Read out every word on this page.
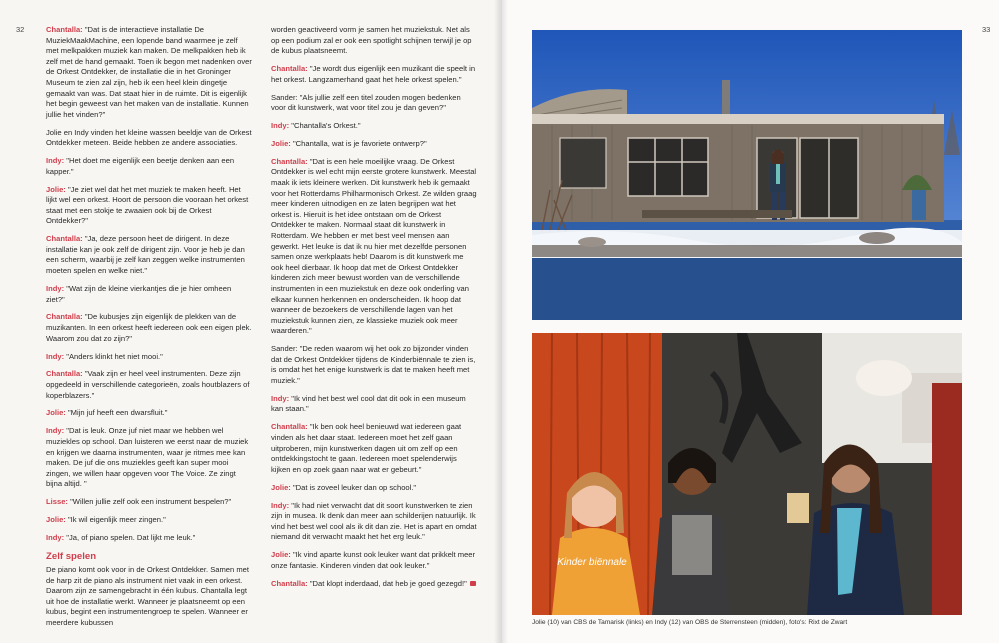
32	Chantalla: "Dat is de interactieve installatie De MuziekMaakMachine, een lopende band waarmee je zelf met melkpakken muziek kan maken. De melkpakken heb ik zelf met de hand gemaakt. Toen ik begon met nadenken over de Orkest Ontdekker, de installatie die in het Groninger Museum te zien zal zijn, heb ik een heel klein dingetje gemaakt van was. Dat staat hier in de ruimte. Dit is eigenlijk het begin geweest van het maken van de installatie. Kunnen jullie het vinden?"

Jolie en Indy vinden het kleine wassen beeldje van de Orkest Ontdekker meteen. Beide hebben ze andere associaties.

Indy: "Het doet me eigenlijk een beetje denken aan een kapper."

Jolie: "Je ziet wel dat het met muziek te maken heeft. Het lijkt wel een orkest. Hoort de persoon die vooraan het orkest staat met een stokje te zwaaien ook bij de Orkest Ontdekker?"

Chantalla: "Ja, deze persoon heet de dirigent. In deze installatie kan je ook zelf de dirigent zijn. Voor je heb je dan een scherm, waarbij je zelf kan zeggen welke instrumenten moeten spelen en welke niet."

Indy: "Wat zijn de kleine vierkantjes die je hier omheen ziet?"

Chantalla: "De kubusjes zijn eigenlijk de plekken van de muzikanten. In een orkest heeft iedereen ook een eigen plek. Waarom zou dat zo zijn?"

Indy: "Anders klinkt het niet mooi."

Chantalla: "Vaak zijn er heel veel instrumenten. Deze zijn opgedeeld in verschillende categorieën, zoals houtblazers of koperblazers."

Jolie: "Mijn juf heeft een dwarsfluit."

Indy: "Dat is leuk. Onze juf niet maar we hebben wel muziekles op school. Dan luisteren we eerst naar de muziek en krijgen we daarna instrumenten, waar je ritmes mee kan maken. De juf die ons muziekles geeft kan super mooi zingen, we willen haar opgeven voor The Voice. Ze zingt bijna altijd. "

Lisse: "Willen jullie zelf ook een instrument bespelen?"

Jolie: "Ik wil eigenlijk meer zingen."

Indy: "Ja, of piano spelen. Dat lijkt me leuk."

Zelf spelen

De piano komt ook voor in de Orkest Ontdekker. Samen met de harp zit de piano als instrument niet vaak in een orkest. Daarom zijn ze samengebracht in één kubus. Chantalla legt uit hoe de installatie werkt. Wanneer je plaatsneemt op een kubus, begint een instrumentengroep te spelen. Wanneer er meerdere kubussen

worden geactiveerd vorm je samen het muziekstuk. Net als op een podium zal er ook een spotlight schijnen terwijl je op de kubus plaatsneemt.

Chantalla: "Je wordt dus eigenlijk een muzikant die speelt in het orkest. Langzamerhand gaat het hele orkest spelen."

Sander: "Als jullie zelf een titel zouden mogen bedenken voor dit kunstwerk, wat voor titel zou je dan geven?"

Indy: "Chantalla's Orkest."

Jolie: "Chantalla, wat is je favoriete ontwerp?"

Chantalla: "Dat is een hele moeilijke vraag. De Orkest Ontdekker is wel echt mijn eerste grotere kunstwerk. Meestal maak ik iets kleinere werken. Dit kunstwerk heb ik gemaakt voor het Rotterdams Philharmonisch Orkest. Ze wilden graag meer kinderen uitnodigen en ze laten begrijpen wat het orkest is. Hieruit is het idee ontstaan om de Orkest Ontdekker te maken. Normaal staat dit kunstwerk in Rotterdam. We hebben er met best veel mensen aan gewerkt. Het leuke is dat ik nu hier met dezelfde personen samen onze werkplaats heb! Daarom is dit kunstwerk me ook heel dierbaar. Ik hoop dat met de Orkest Ontdekker kinderen zich meer bewust worden van de verschillende instrumenten in een muziekstuk en deze ook onderling van elkaar kunnen herkennen en onderscheiden. Ik hoop dat wanneer de bezoekers de verschillende lagen van het muziekstuk kunnen zien, ze klassieke muziek ook meer waarderen."

Sander: "De reden waarom wij het ook zo bijzonder vinden dat de Orkest Ontdekker tijdens de Kinderbiënnale te zien is, is omdat het het enige kunstwerk is dat te maken heeft met muziek."

Indy: "Ik vind het best wel cool dat dit ook in een museum kan staan."

Chantalla: "Ik ben ook heel benieuwd wat iedereen gaat vinden als het daar staat. Iedereen moet het zelf gaan uitproberen, mijn kunstwerken dagen uit om zelf op een ontdekkingstocht te gaan. Iedereen moet spelenderwijs kijken en op zoek gaan naar wat er gebeurt."

Jolie: "Dat is zoveel leuker dan op school."

Indy: "Ik had niet verwacht dat dit soort kunstwerken te zien zijn in musea. Ik denk dan meer aan schilderijen natuurlijk. Ik vind het best wel cool als ik dit dan zie. Het is apart en omdat niemand dit verwacht maakt het het erg leuk."

Jolie: "Ik vind aparte kunst ook leuker want dat prikkelt meer onze fantasie. Kinderen vinden dat ook leuker."

Chantalla: "Dat klopt inderdaad, dat heb je goed gezegd!"

33
Kinder biënnale
Jolie (10) van CBS de Tamarisk (links) en Indy (12) van OBS de Sterrensteen (midden), foto's: Rixt de Zwart
